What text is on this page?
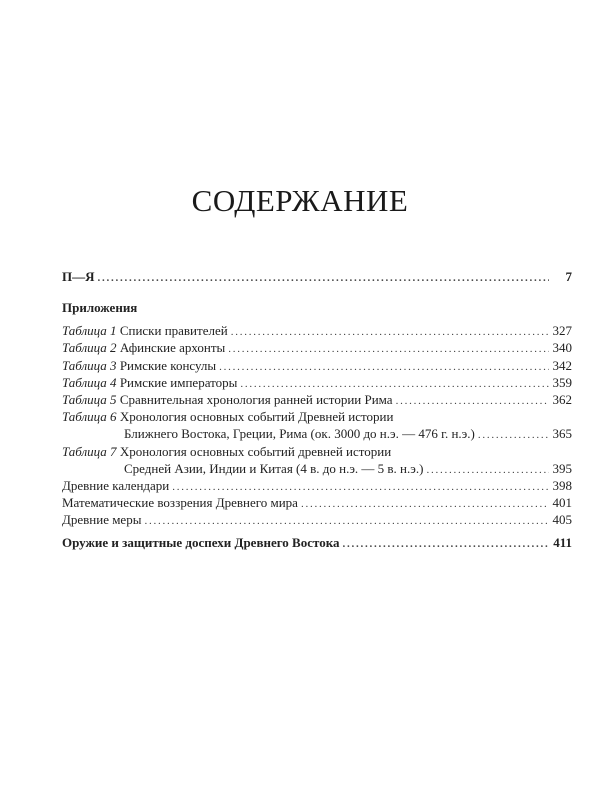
СОДЕРЖАНИЕ
П—Я . . .	7
Приложения
Таблица 1 Списки правителей . . .	327
Таблица 2 Афинские архонты . . .	340
Таблица 3 Римские консулы . . .	342
Таблица 4 Римские императоры . . .	359
Таблица 5 Сравнительная хронология ранней истории Рима . . .	362
Таблица 6 Хронология основных событий Древней истории
Ближнего Востока, Греции, Рима (ок. 3000 до н.э. — 476 г. н.э.) . . .	365
Таблица 7 Хронология основных событий древней истории
Средней Азии, Индии и Китая (4 в. до н.э. — 5 в. н.э.) . . .	395
Древние календари . . .	398
Математические воззрения Древнего мира . . .	401
Древние меры . . .	405
Оружие и защитные доспехи Древнего Востока . . .	411
